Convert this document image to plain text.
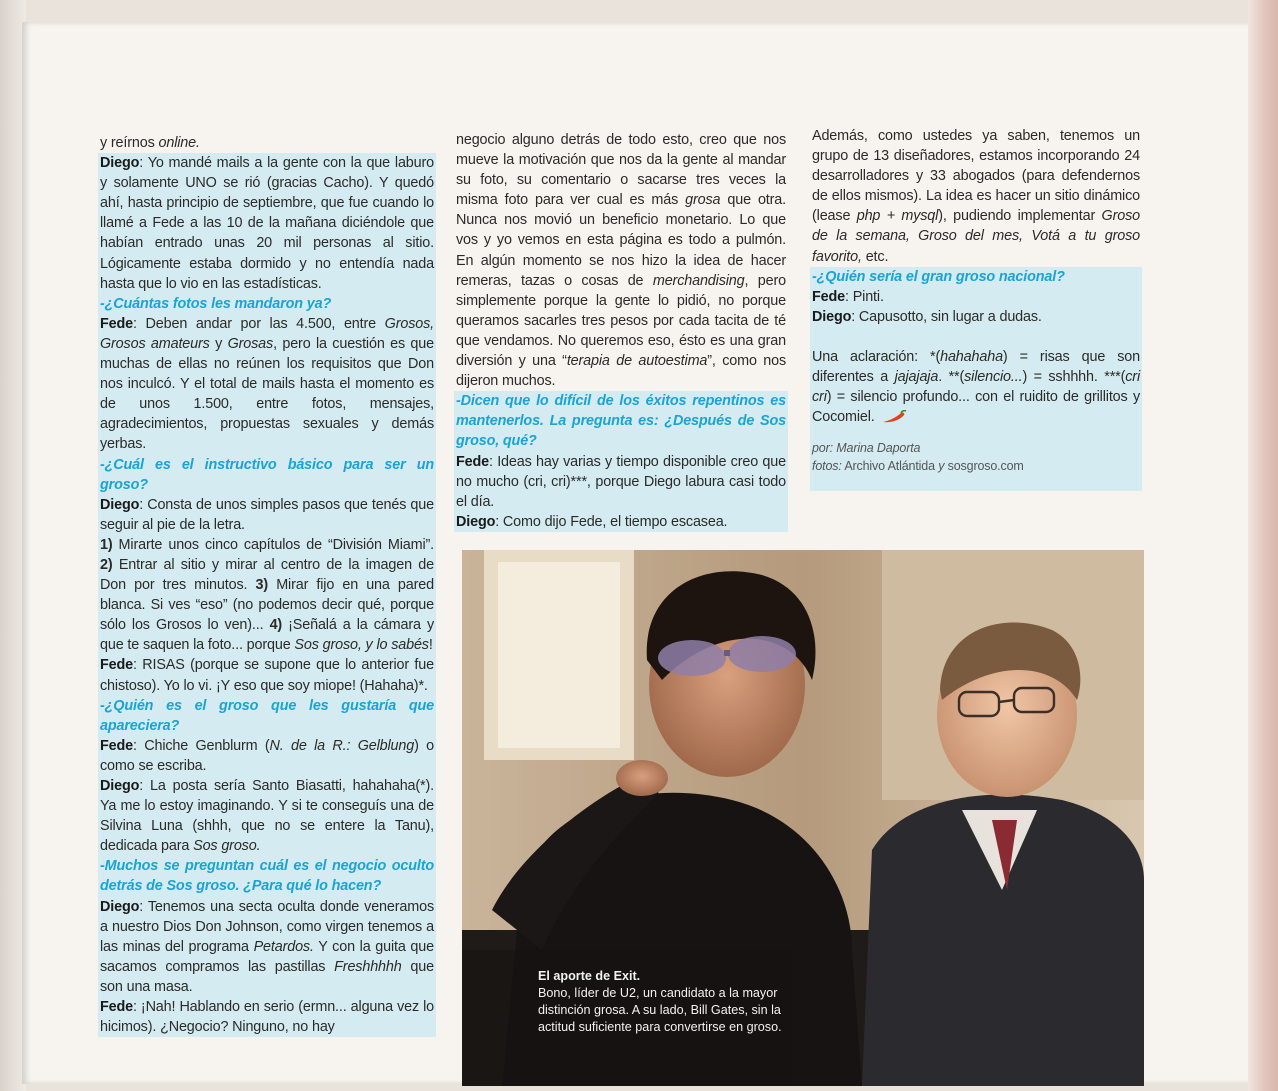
y reírnos online.

Diego: Yo mandé mails a la gente con la que laburo y solamente UNO se rió (gracias Cacho). Y quedó ahí, hasta principio de septiembre, que fue cuando lo llamé a Fede a las 10 de la mañana diciéndole que habían entrado unas 20 mil personas al sitio. Lógicamente estaba dormido y no entendía nada hasta que lo vio en las estadísticas.

-¿Cuántas fotos les mandaron ya?

Fede: Deben andar por las 4.500, entre Grosos, Grosos amateurs y Grosas, pero la cuestión es que muchas de ellas no reúnen los requisitos que Don nos inculcó. Y el total de mails hasta el momento es de unos 1.500, entre fotos, mensajes, agradecimientos, propuestas sexuales y demás yerbas.

-¿Cuál es el instructivo básico para ser un groso?

Diego: Consta de unos simples pasos que tenés que seguir al pie de la letra.

1) Mirarte unos cinco capítulos de “División Miami”. 2) Entrar al sitio y mirar al centro de la imagen de Don por tres minutos. 3) Mirar fijo en una pared blanca. Si ves “eso” (no podemos decir qué, porque sólo los Grosos lo ven)... 4) ¡Señalá a la cámara y que te saquen la foto... porque Sos groso, y lo sabés!

Fede: RISAS (porque se supone que lo anterior fue chistoso). Yo lo vi. ¡Y eso que soy miope! (Hahaha)*.

-¿Quién es el groso que les gustaría que apareciera?

Fede: Chiche Genblurm (N. de la R.: Gelblung) o como se escriba.

Diego: La posta sería Santo Biasatti, hahahaha(*). Ya me lo estoy imaginando. Y si te conseguís una de Silvina Luna (shhh, que no se entere la Tanu), dedicada para Sos groso.

-Muchos se preguntan cuál es el negocio oculto detrás de Sos groso. ¿Para qué lo hacen?

Diego: Tenemos una secta oculta donde veneramos a nuestro Dios Don Johnson, como virgen tenemos a las minas del programa Petardos. Y con la guita que sacamos compramos las pastillas Freshhhhh que son una masa.

Fede: ¡Nah! Hablando en serio (ermn... alguna vez lo hicimos). ¿Negocio? Ninguno, no hay

negocio alguno detrás de todo esto, creo que nos mueve la motivación que nos da la gente al mandar su foto, su comentario o sacarse tres veces la misma foto para ver cual es más grosa que otra. Nunca nos movió un beneficio monetario. Lo que vos y yo vemos en esta página es todo a pulmón. En algún momento se nos hizo la idea de hacer remeras, tazas o cosas de merchandising, pero simplemente porque la gente lo pidió, no porque queramos sacarles tres pesos por cada tacita de té que vendamos. No queremos eso, ésto es una gran diversión y una “terapia de autoestima”, como nos dijeron muchos.

-Dicen que lo difícil de los éxitos repentinos es mantenerlos. La pregunta es: ¿Después de Sos groso, qué?

Fede: Ideas hay varias y tiempo disponible creo que no mucho (cri, cri)***, porque Diego labura casi todo el día.

Diego: Como dijo Fede, el tiempo escasea.

Además, como ustedes ya saben, tenemos un grupo de 13 diseñadores, estamos incorporando 24 desarrolladores y 33 abogados (para defendernos de ellos mismos). La idea es hacer un sitio dinámico (lease php + mysql), pudiendo implementar Groso de la semana, Groso del mes, Votá a tu groso favorito, etc.

-¿Quién sería el gran groso nacional?

Fede: Pinti.

Diego: Capusotto, sin lugar a dudas.

Una aclaración: *(hahahaha) = risas que son diferentes a jajajaja. **(silencio...) = sshhhh. ***(cri cri) = silencio profundo... con el ruidito de grillitos y Cocomiel.

por: Marina Daporta
fotos: Archivo Atlántida y sosgroso.com
El aporte de Exit.
Bono, líder de U2, un candidato a la mayor distinción grosa. A su lado, Bill Gates, sin la actitud suficiente para convertirse en groso.
